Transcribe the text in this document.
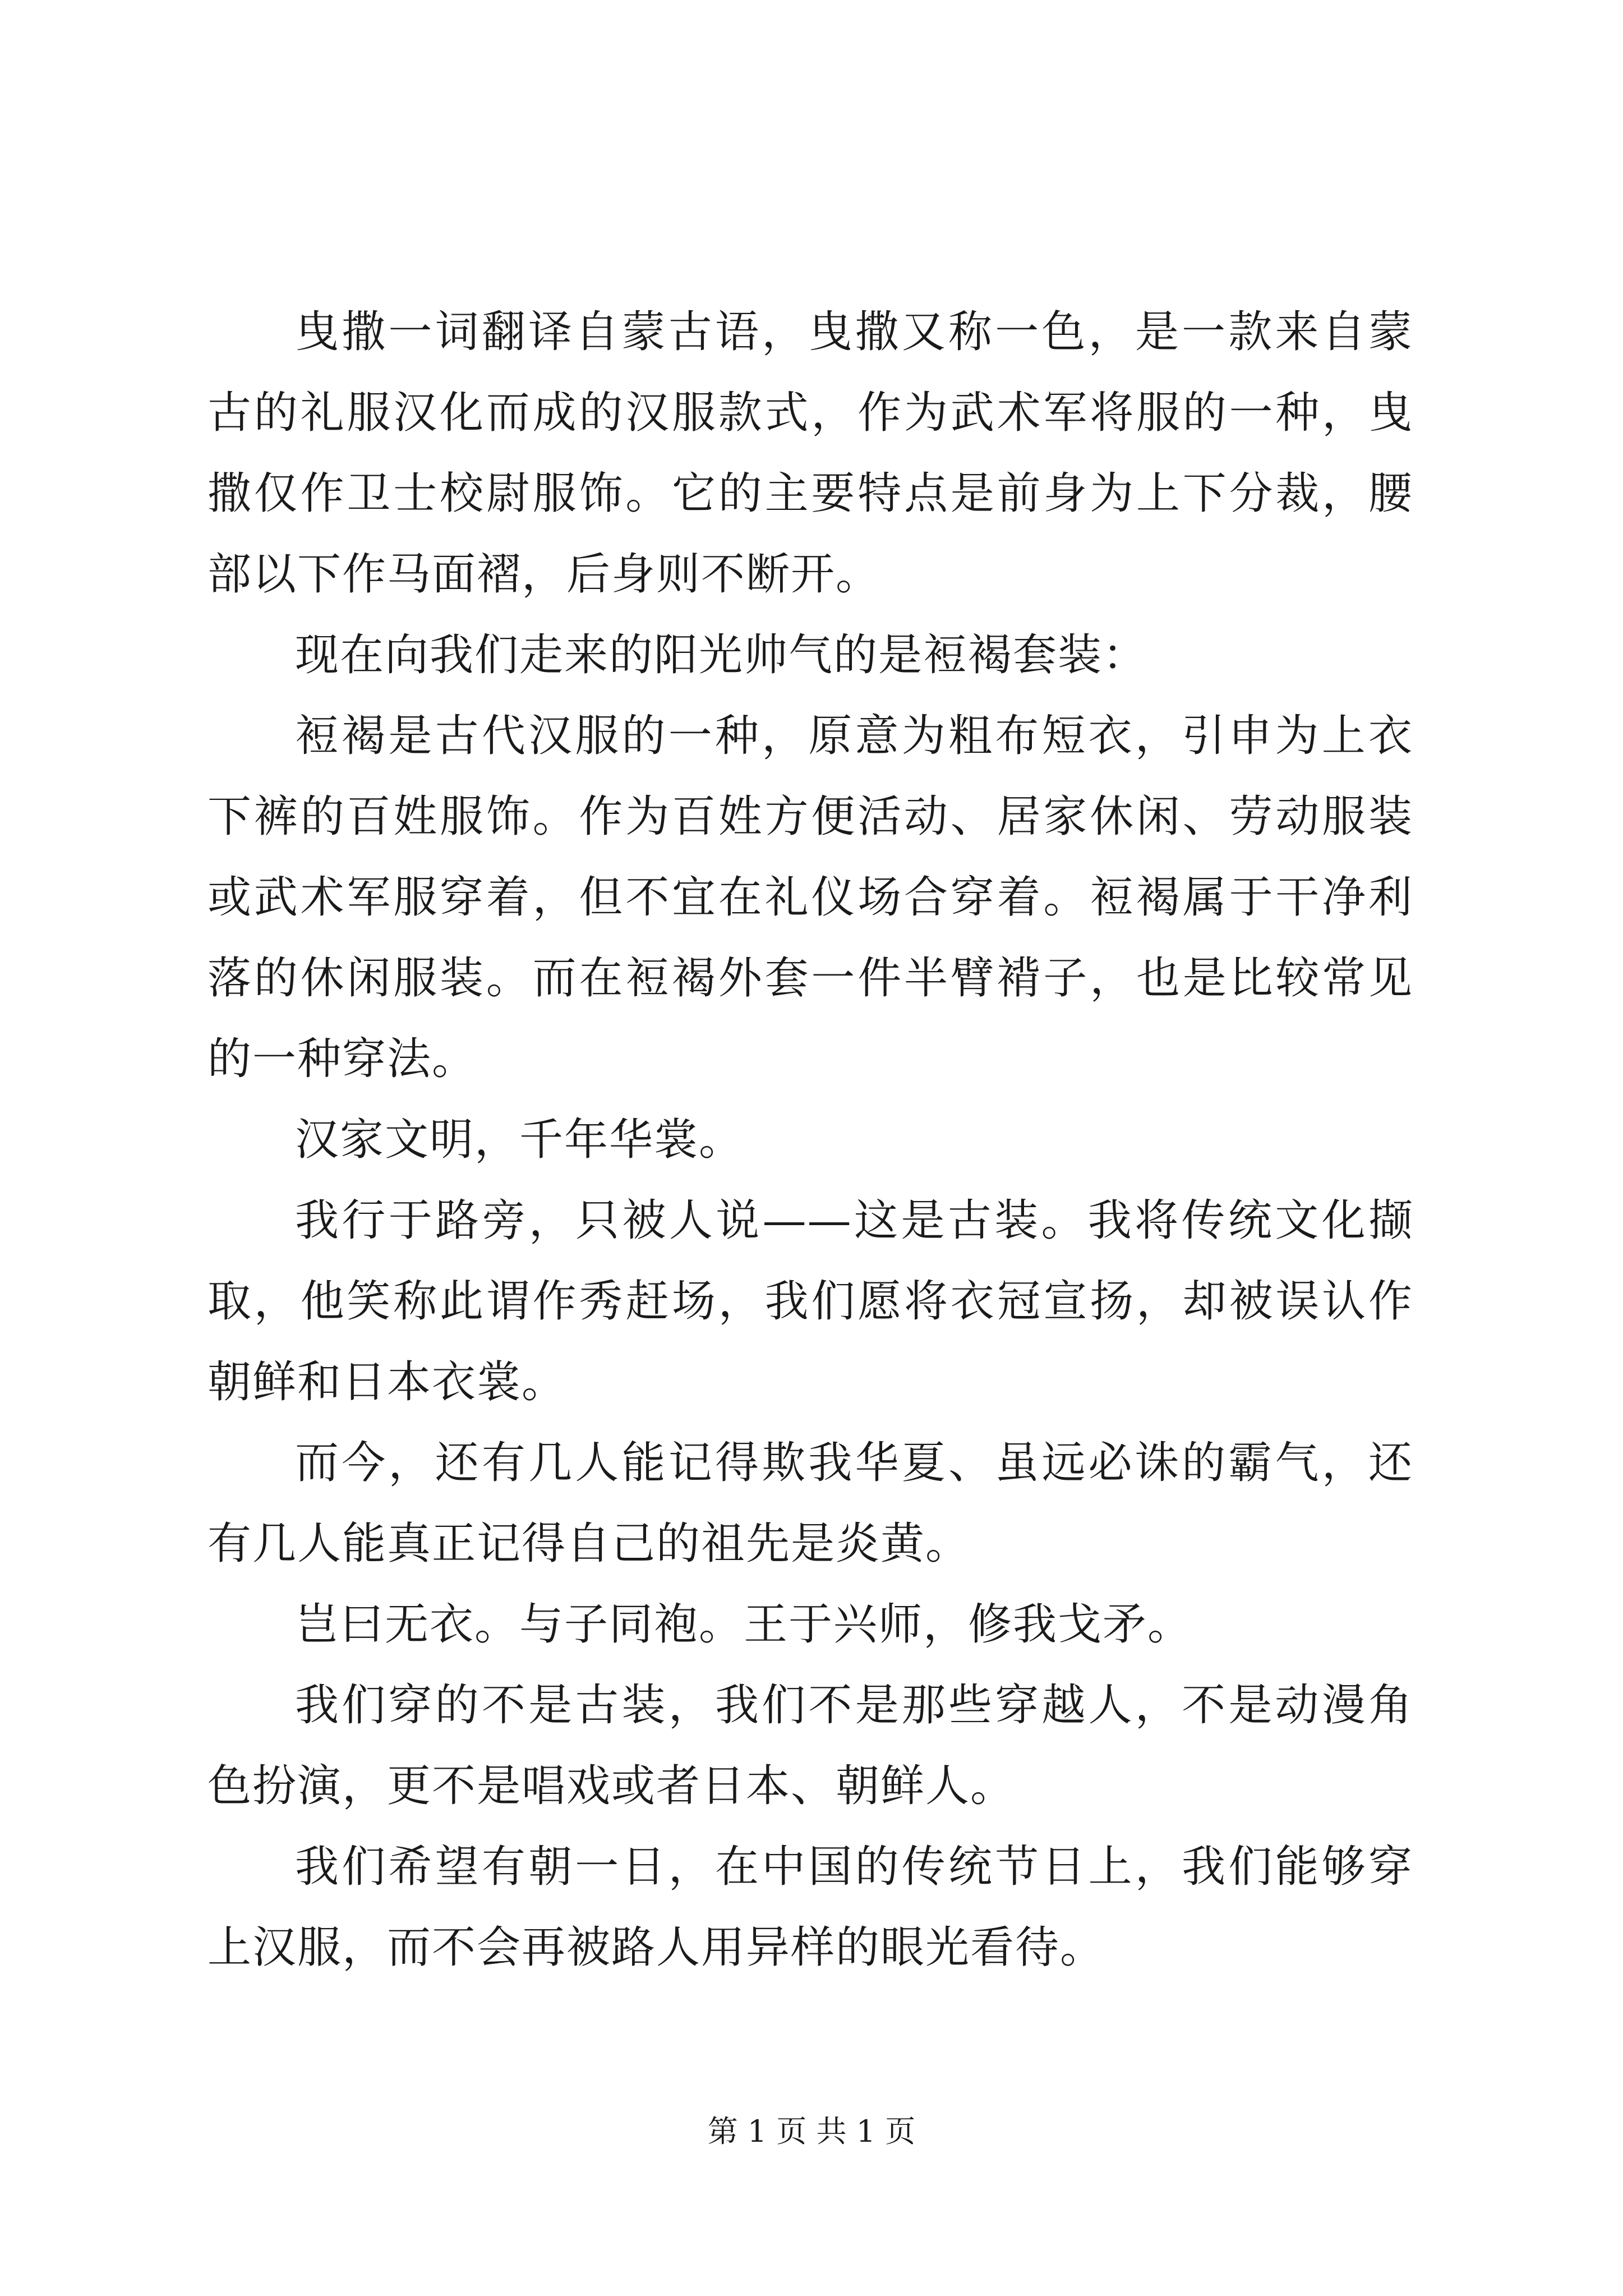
曳撒一词翻译自蒙古语，曳撒又称一色，是一款来自蒙古的礼服汉化而成的汉服款式，作为武术军将服的一种，曳撒仅作卫士校尉服饰。它的主要特点是前身为上下分裁，腰部以下作马面褶，后身则不断开。

现在向我们走来的阳光帅气的是裋褐套装：

裋褐是古代汉服的一种，原意为粗布短衣，引申为上衣下裤的百姓服饰。作为百姓方便活动、居家休闲、劳动服装或武术军服穿着，但不宜在礼仪场合穿着。裋褐属于干净利落的休闲服装。而在裋褐外套一件半臂褙子，也是比较常见的一种穿法。

汉家文明，千年华裳。

我行于路旁，只被人说——这是古装。我将传统文化撷取，他笑称此谓作秀赶场，我们愿将衣冠宣扬，却被误认作朝鲜和日本衣裳。

而今，还有几人能记得欺我华夏、虽远必诛的霸气，还有几人能真正记得自己的祖先是炎黄。

岂曰无衣。与子同袍。王于兴师，修我戈矛。

我们穿的不是古装，我们不是那些穿越人，不是动漫角色扮演，更不是唱戏或者日本、朝鲜人。

我们希望有朝一日，在中国的传统节日上，我们能够穿上汉服，而不会再被路人用异样的眼光看待。

第 1 页 共 1 页
